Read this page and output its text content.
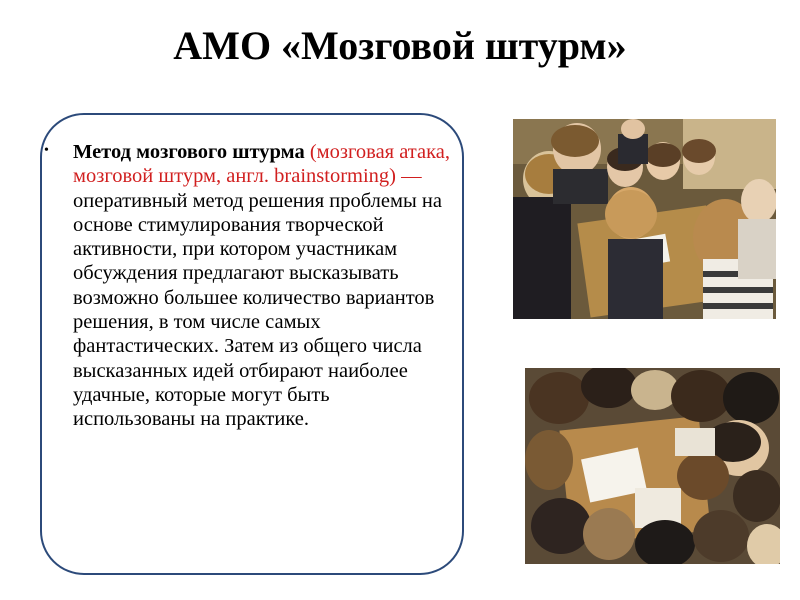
АМО «Мозговой штурм»
• Метод мозгового штурма (мозговая атака, мозговой штурм, англ. brainstorming) — оперативный метод решения проблемы на основе стимулирования творческой активности, при котором участникам обсуждения предлагают высказывать возможно большее количество вариантов решения, в том числе самых фантастических. Затем из общего числа высказанных идей отбирают наиболее удачные, которые могут быть использованы на практике.
